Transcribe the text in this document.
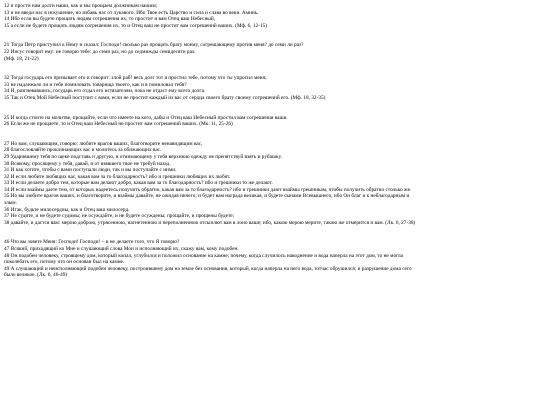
12 и прости нам долги наши, как и мы прощаем должникам нашим;
13 и не введи нас в искушение, но избавь нас от лукавого. Ибо Твое есть Царство и сила и слава во веки. Аминь.
14 Ибо если вы будете прощать людям согрешения их, то простит и вам Отец ваш Небесный,
15 а если не будете прощать людям согрешения их, то и Отец ваш не простит вам согрешений ваших. (Мф. 6, 12-15)
21 Тогда Петр приступил к Нему и сказал: Господи! сколько раз прощать брату моему, согрешающему против меня? до семи ли раз?
22 Иисус говорит ему: не говорю тебе: до семи раз, но до седмижды семидесяти раз.
(Мф. 18, 21-22)
32 Тогда государь его призывает его и говорит: злой раб! весь долг тот я простил тебе, потому что ты упросил меня;
33 не надлежало ли и тебе помиловать товарища твоего, как и я помиловал тебя?
34 И, разгневавшись, государь его отдал его истязателям, пока не отдаст ему всего долга.
35 Так и Отец Мой Небесный поступит с вами, если не простит каждый из вас от сердца своего брату своему согрешений его. (Мф. 18, 32-35)
25 И когда стоите на молитве, прощайте, если что имеете на кого, дабы и Отец ваш Небесный простил вам согрешения ваши.
26 Если же не прощаете, то и Отец ваш Небесный не простит вам согрешений ваших. (Мк. 11, 25-26)
27 Но вам, слушающим, говорю: любите врагов ваших, благотворите ненавидящим вас,
28 благословляйте проклинающих вас и молитесь за обижающих вас.
29 Ударившему тебя по щеке подставь и другую, и отнимающему у тебя верхнюю одежду не препятствуй взять и рубашку.
30 Всякому, просящему у тебя, давай, и от взявшего твое не требуй назад.
31 И как хотите, чтобы с вами поступали люди, так и вы поступайте с ними.
32 И если любите любящих вас, какая вам за то благодарность? ибо и грешники любящих их любят.
33 И если делаете добро тем, которые вам делают добро, какая вам за то благодарность? ибо и грешники то же делают.
34 И если взаймы даете тем, от которых надеетесь получить обратно, какая вам за то благодарность? ибо и грешники дают взаймы грешникам, чтобы получить обратно столько же.
35 Но вы любите врагов ваших, и благотворите, и взаймы давайте, не ожидая ничего; и будет вам награда великая, и будете сынами Всевышнего; ибо Он благ и к неблагодарным и
злым.
36 Итак, будьте милосердны, как и Отец ваш милосерд.
37 Не судите, и не будете судимы; не осуждайте, и не будете осуждены; прощайте, и прощены будете;
38 давайте, и дастся вам: мерою доброю, утрясенною, нагнетенною и переполненною отсыплют вам в лоно ваше; ибо, какою мерою мерите, такою же отмерится и вам. (Лк. 6, 27-38)
46 Что вы зовете Меня: Господи! Господи! – и не делаете того, что Я говорю?
47 Всякий, приходящий ко Мне и слушающий слова Мои и исполняющий их, скажу вам, кому подобен.
48 Он подобен человеку, строящему дом, который копал, углубился и положил основание на камне; почему, когда случилось наводнение и вода наперла на этот дом, то не могла
поколебать его, потому что он основан был на камне.
49 А слушающий и неисполняющий подобен человеку, построившему дом на земле без основания, который, когда наперла на него вода, тотчас обрушился; и разрушение дома сего
было великое. (Лк. 6, 46-49)
